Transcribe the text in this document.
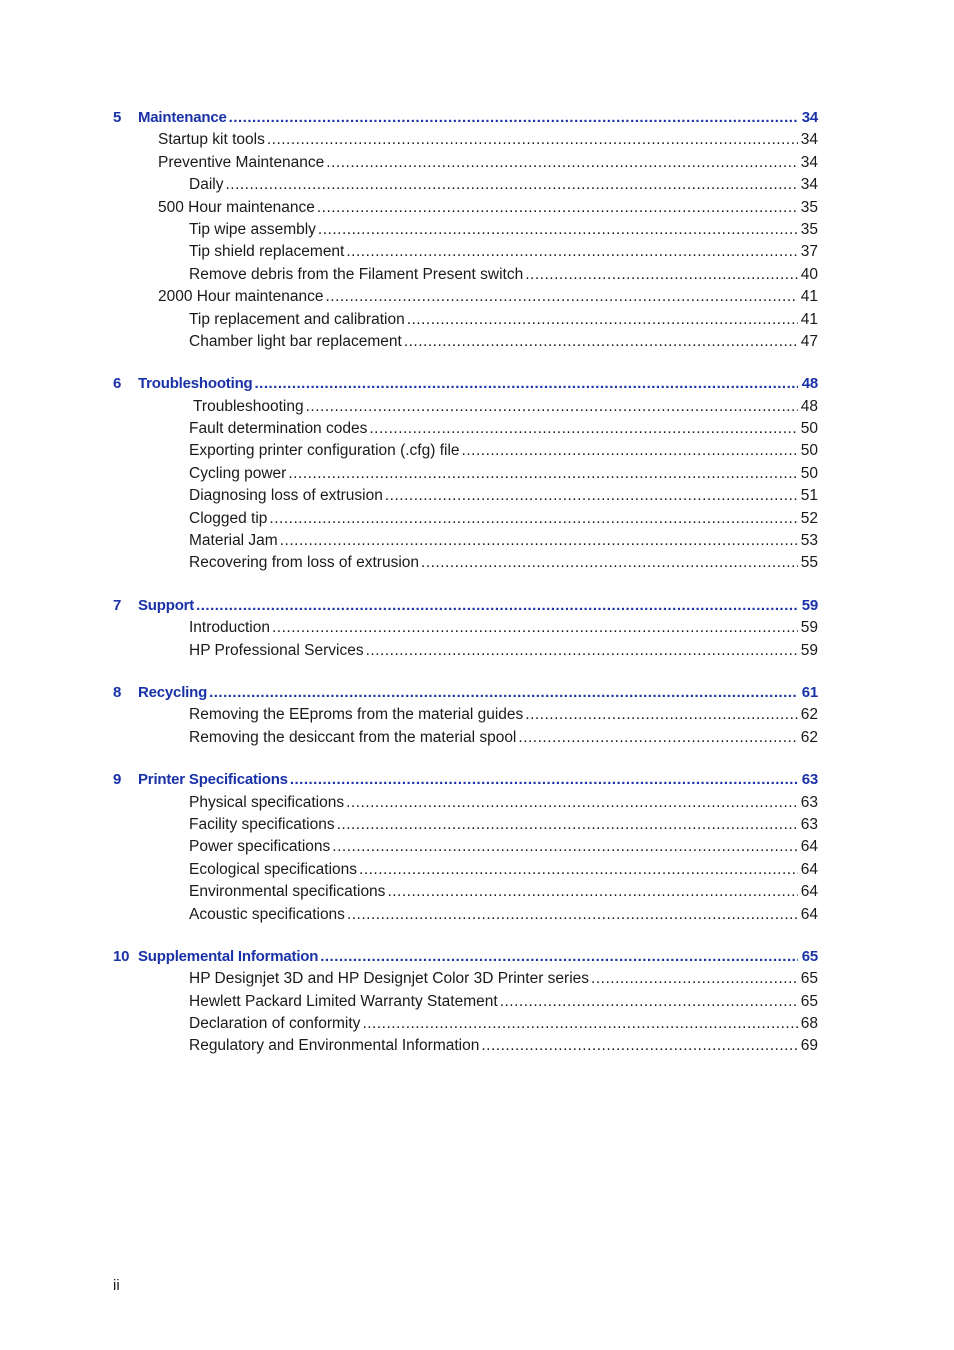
5	Maintenance .....	34
Startup kit tools .....	34
Preventive Maintenance .....	34
Daily .....	34
500 Hour maintenance .....	35
Tip wipe assembly .....	35
Tip shield replacement .....	37
Remove debris from the Filament Present switch .....	40
2000 Hour maintenance .....	41
Tip replacement and calibration .....	41
Chamber light bar replacement .....	47
6	Troubleshooting .....	48
Troubleshooting .....	48
Fault determination codes .....	50
Exporting printer configuration (.cfg) file .....	50
Cycling power .....	50
Diagnosing loss of extrusion .....	51
Clogged tip .....	52
Material Jam .....	53
Recovering from loss of extrusion .....	55
7	Support .....	59
Introduction .....	59
HP Professional Services .....	59
8	Recycling .....	61
Removing the EEproms from the material guides .....	62
Removing the desiccant from the material spool .....	62
9	Printer Specifications .....	63
Physical specifications .....	63
Facility specifications .....	63
Power specifications .....	64
Ecological specifications .....	64
Environmental specifications .....	64
Acoustic specifications .....	64
10 Supplemental Information .....	65
HP Designjet 3D and HP Designjet Color 3D Printer series .....	65
Hewlett Packard Limited Warranty Statement .....	65
Declaration of conformity .....	68
Regulatory and Environmental Information .....	69
ii
